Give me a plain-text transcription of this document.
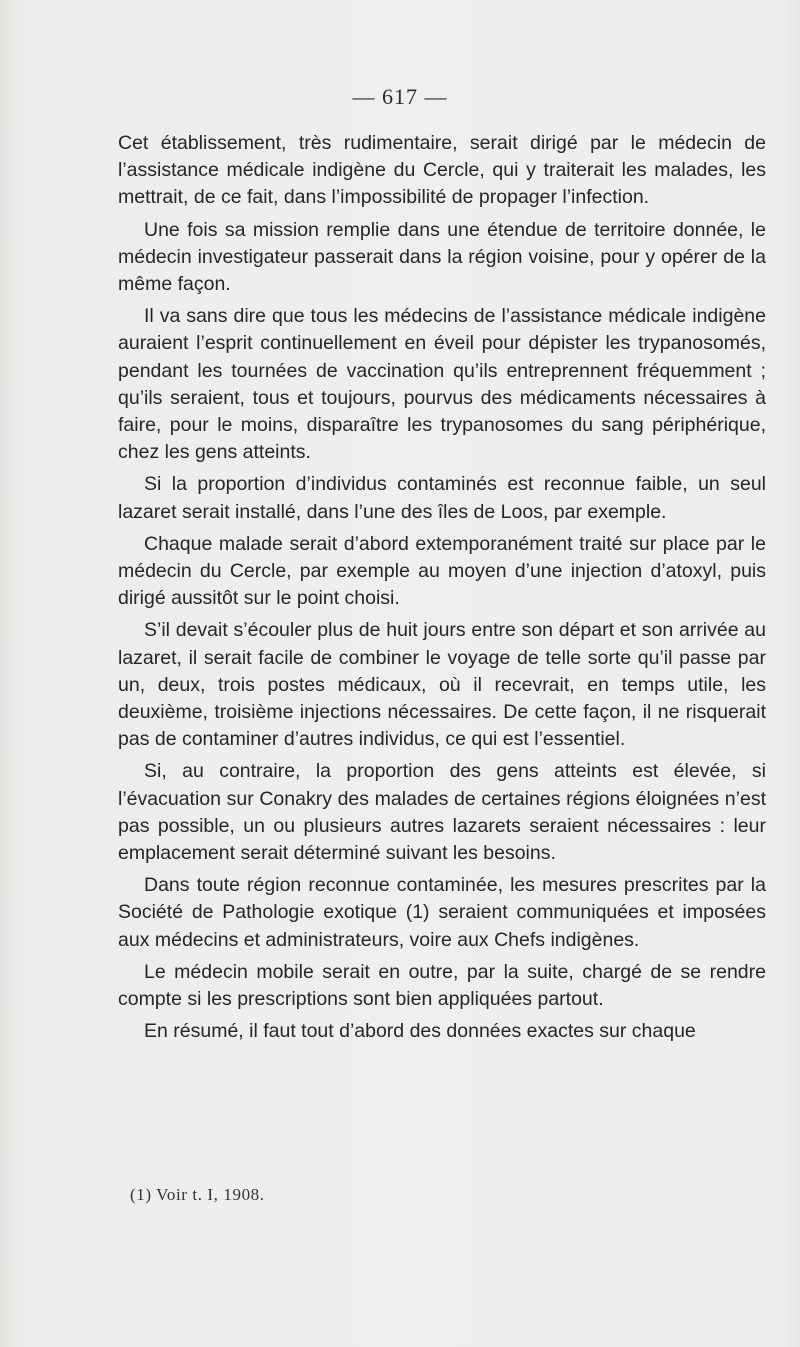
— 617 —

Cet établissement, très rudimentaire, serait dirigé par le médecin de l’assistance médicale indigène du Cercle, qui y traiterait les malades, les mettrait, de ce fait, dans l’impossibilité de propager l’infection.

Une fois sa mission remplie dans une étendue de territoire donnée, le médecin investigateur passerait dans la région voisine, pour y opérer de la même façon.

Il va sans dire que tous les médecins de l’assistance médicale indigène auraient l’esprit continuellement en éveil pour dépister les trypanosomés, pendant les tournées de vaccination qu’ils entreprennent fréquemment ; qu’ils seraient, tous et toujours, pourvus des médicaments nécessaires à faire, pour le moins, disparaître les trypanosomes du sang périphérique, chez les gens atteints.

Si la proportion d’individus contaminés est reconnue faible, un seul lazaret serait installé, dans l’une des îles de Loos, par exemple.

Chaque malade serait d’abord extemporanément traité sur place par le médecin du Cercle, par exemple au moyen d’une injection d’atoxyl, puis dirigé aussitôt sur le point choisi.

S’il devait s’écouler plus de huit jours entre son départ et son arrivée au lazaret, il serait facile de combiner le voyage de telle sorte qu’il passe par un, deux, trois postes médicaux, où il recevrait, en temps utile, les deuxième, troisième injections nécessaires. De cette façon, il ne risquerait pas de contaminer d’autres individus, ce qui est l’essentiel.

Si, au contraire, la proportion des gens atteints est élevée, si l’évacuation sur Conakry des malades de certaines régions éloignées n’est pas possible, un ou plusieurs autres lazarets seraient nécessaires : leur emplacement serait déterminé suivant les besoins.

Dans toute région reconnue contaminée, les mesures prescrites par la Société de Pathologie exotique (1) seraient communiquées et imposées aux médecins et administrateurs, voire aux Chefs indigènes.

Le médecin mobile serait en outre, par la suite, chargé de se rendre compte si les prescriptions sont bien appliquées partout.

En résumé, il faut tout d’abord des données exactes sur chaque

(1) Voir t. I, 1908.
